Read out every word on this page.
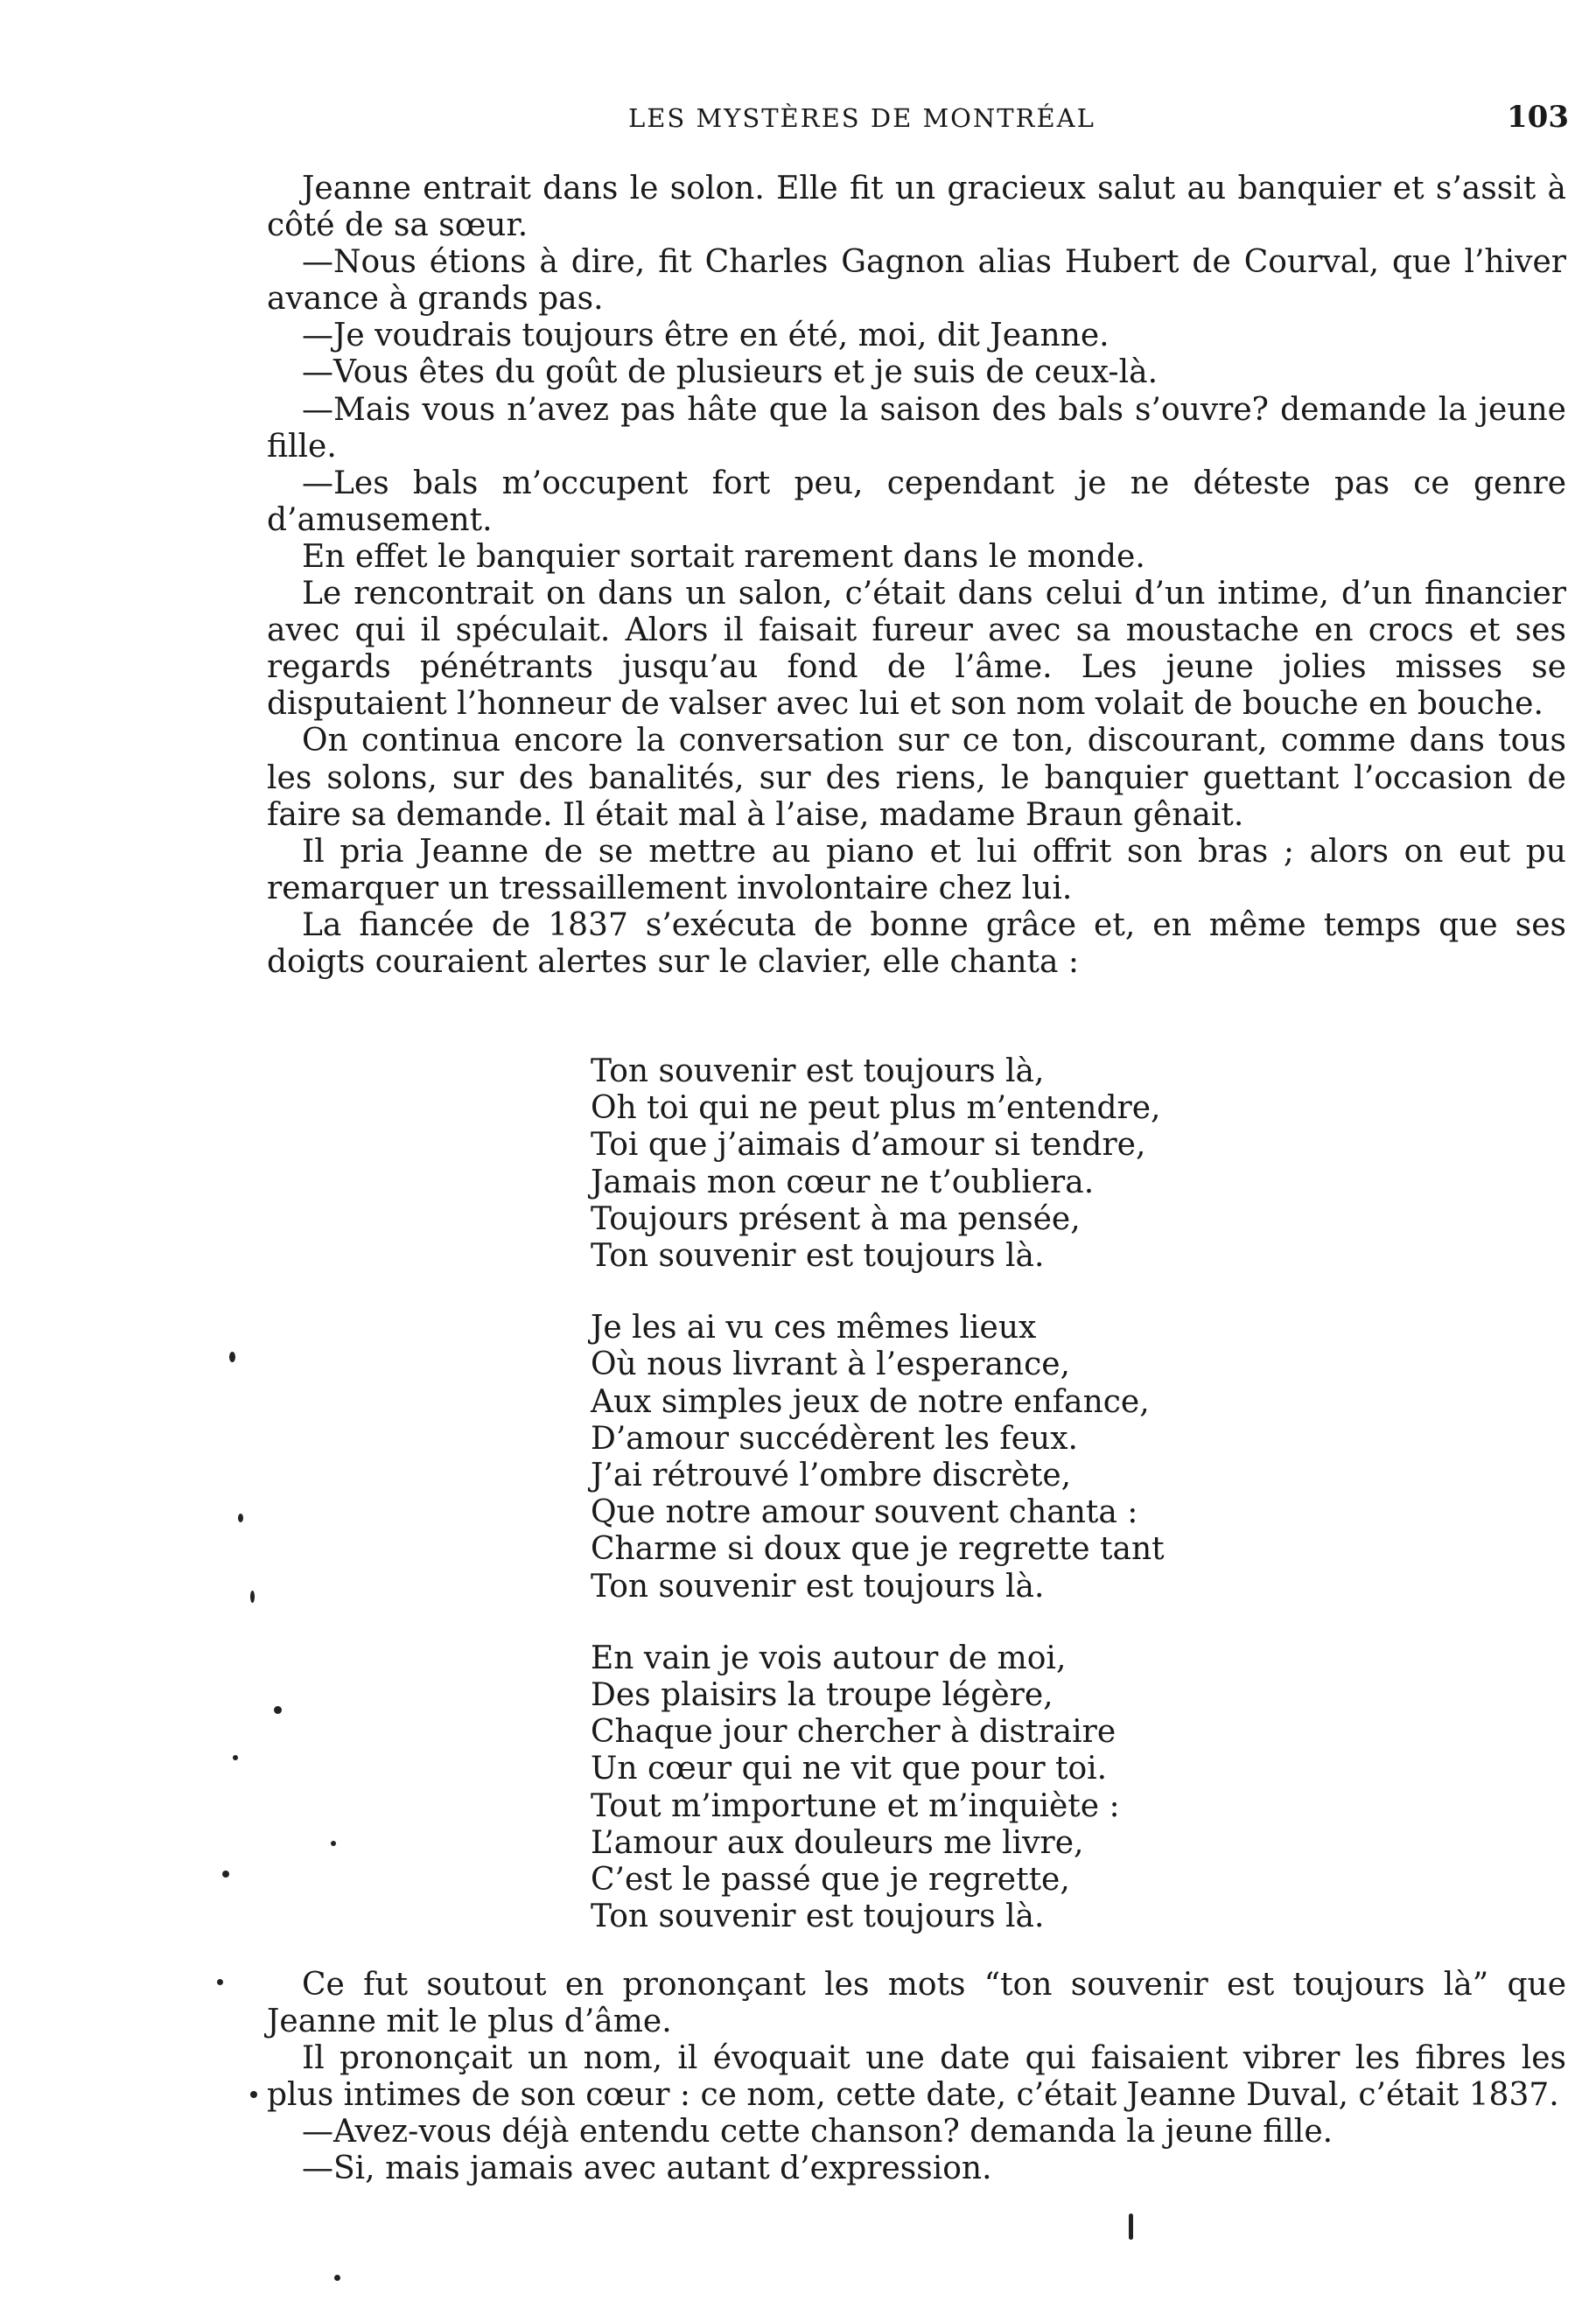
LES MYSTÈRES DE MONTRÉAL	103

Jeanne entrait dans le solon. Elle fit un gracieux salut au banquier et s’assit à côté de sa sœur.

—Nous étions à dire, fit Charles Gagnon alias Hubert de Courval, que l’hiver avance à grands pas.

—Je voudrais toujours être en été, moi, dit Jeanne.

—Vous êtes du goût de plusieurs et je suis de ceux-là.

—Mais vous n’avez pas hâte que la saison des bals s’ouvre? demande la jeune fille.

—Les bals m’occupent fort peu, cependant je ne déteste pas ce genre d’amusement.

En effet le banquier sortait rarement dans le monde.

Le rencontrait on dans un salon, c’était dans celui d’un intime, d’un financier avec qui il spéculait. Alors il faisait fureur avec sa moustache en crocs et ses regards pénétrants jusqu’au fond de l’âme. Les jeune jolies misses se disputaient l’honneur de valser avec lui et son nom volait de bouche en bouche.

On continua encore la conversation sur ce ton, discourant, comme dans tous les solons, sur des banalités, sur des riens, le banquier guettant l’occasion de faire sa demande. Il était mal à l’aise, madame Braun gênait.

Il pria Jeanne de se mettre au piano et lui offrit son bras ; alors on eut pu remarquer un tressaillement involontaire chez lui.

La fiancée de 1837 s’exécuta de bonne grâce et, en même temps que ses doigts couraient alertes sur le clavier, elle chanta :

Ton souvenir est toujours là,
Oh toi qui ne peut plus m’entendre,
Toi que j’aimais d’amour si tendre,
Jamais mon cœur ne t’oubliera.
Toujours présent à ma pensée,
Ton souvenir est toujours là.
Je les ai vu ces mêmes lieux
Où nous livrant à l’esperance,
Aux simples jeux de notre enfance,
D’amour succédèrent les feux.
J’ai rétrouvé l’ombre discrète,
Que notre amour souvent chanta :
Charme si doux que je regrette tant
Ton souvenir est toujours là.
En vain je vois autour de moi,
Des plaisirs la troupe légère,
Chaque jour chercher à distraire
Un cœur qui ne vit que pour toi.
Tout m’importune et m’inquiète :
L’amour aux douleurs me livre,
C’est le passé que je regrette,
Ton souvenir est toujours là.

Ce fut soutout en prononçant les mots “ton souvenir est toujours là” que Jeanne mit le plus d’âme.

Il prononçait un nom, il évoquait une date qui faisaient vibrer les fibres les plus intimes de son cœur : ce nom, cette date, c’était Jeanne Duval, c’était 1837.

—Avez-vous déjà entendu cette chanson? demanda la jeune fille.

—Si, mais jamais avec autant d’expression.
